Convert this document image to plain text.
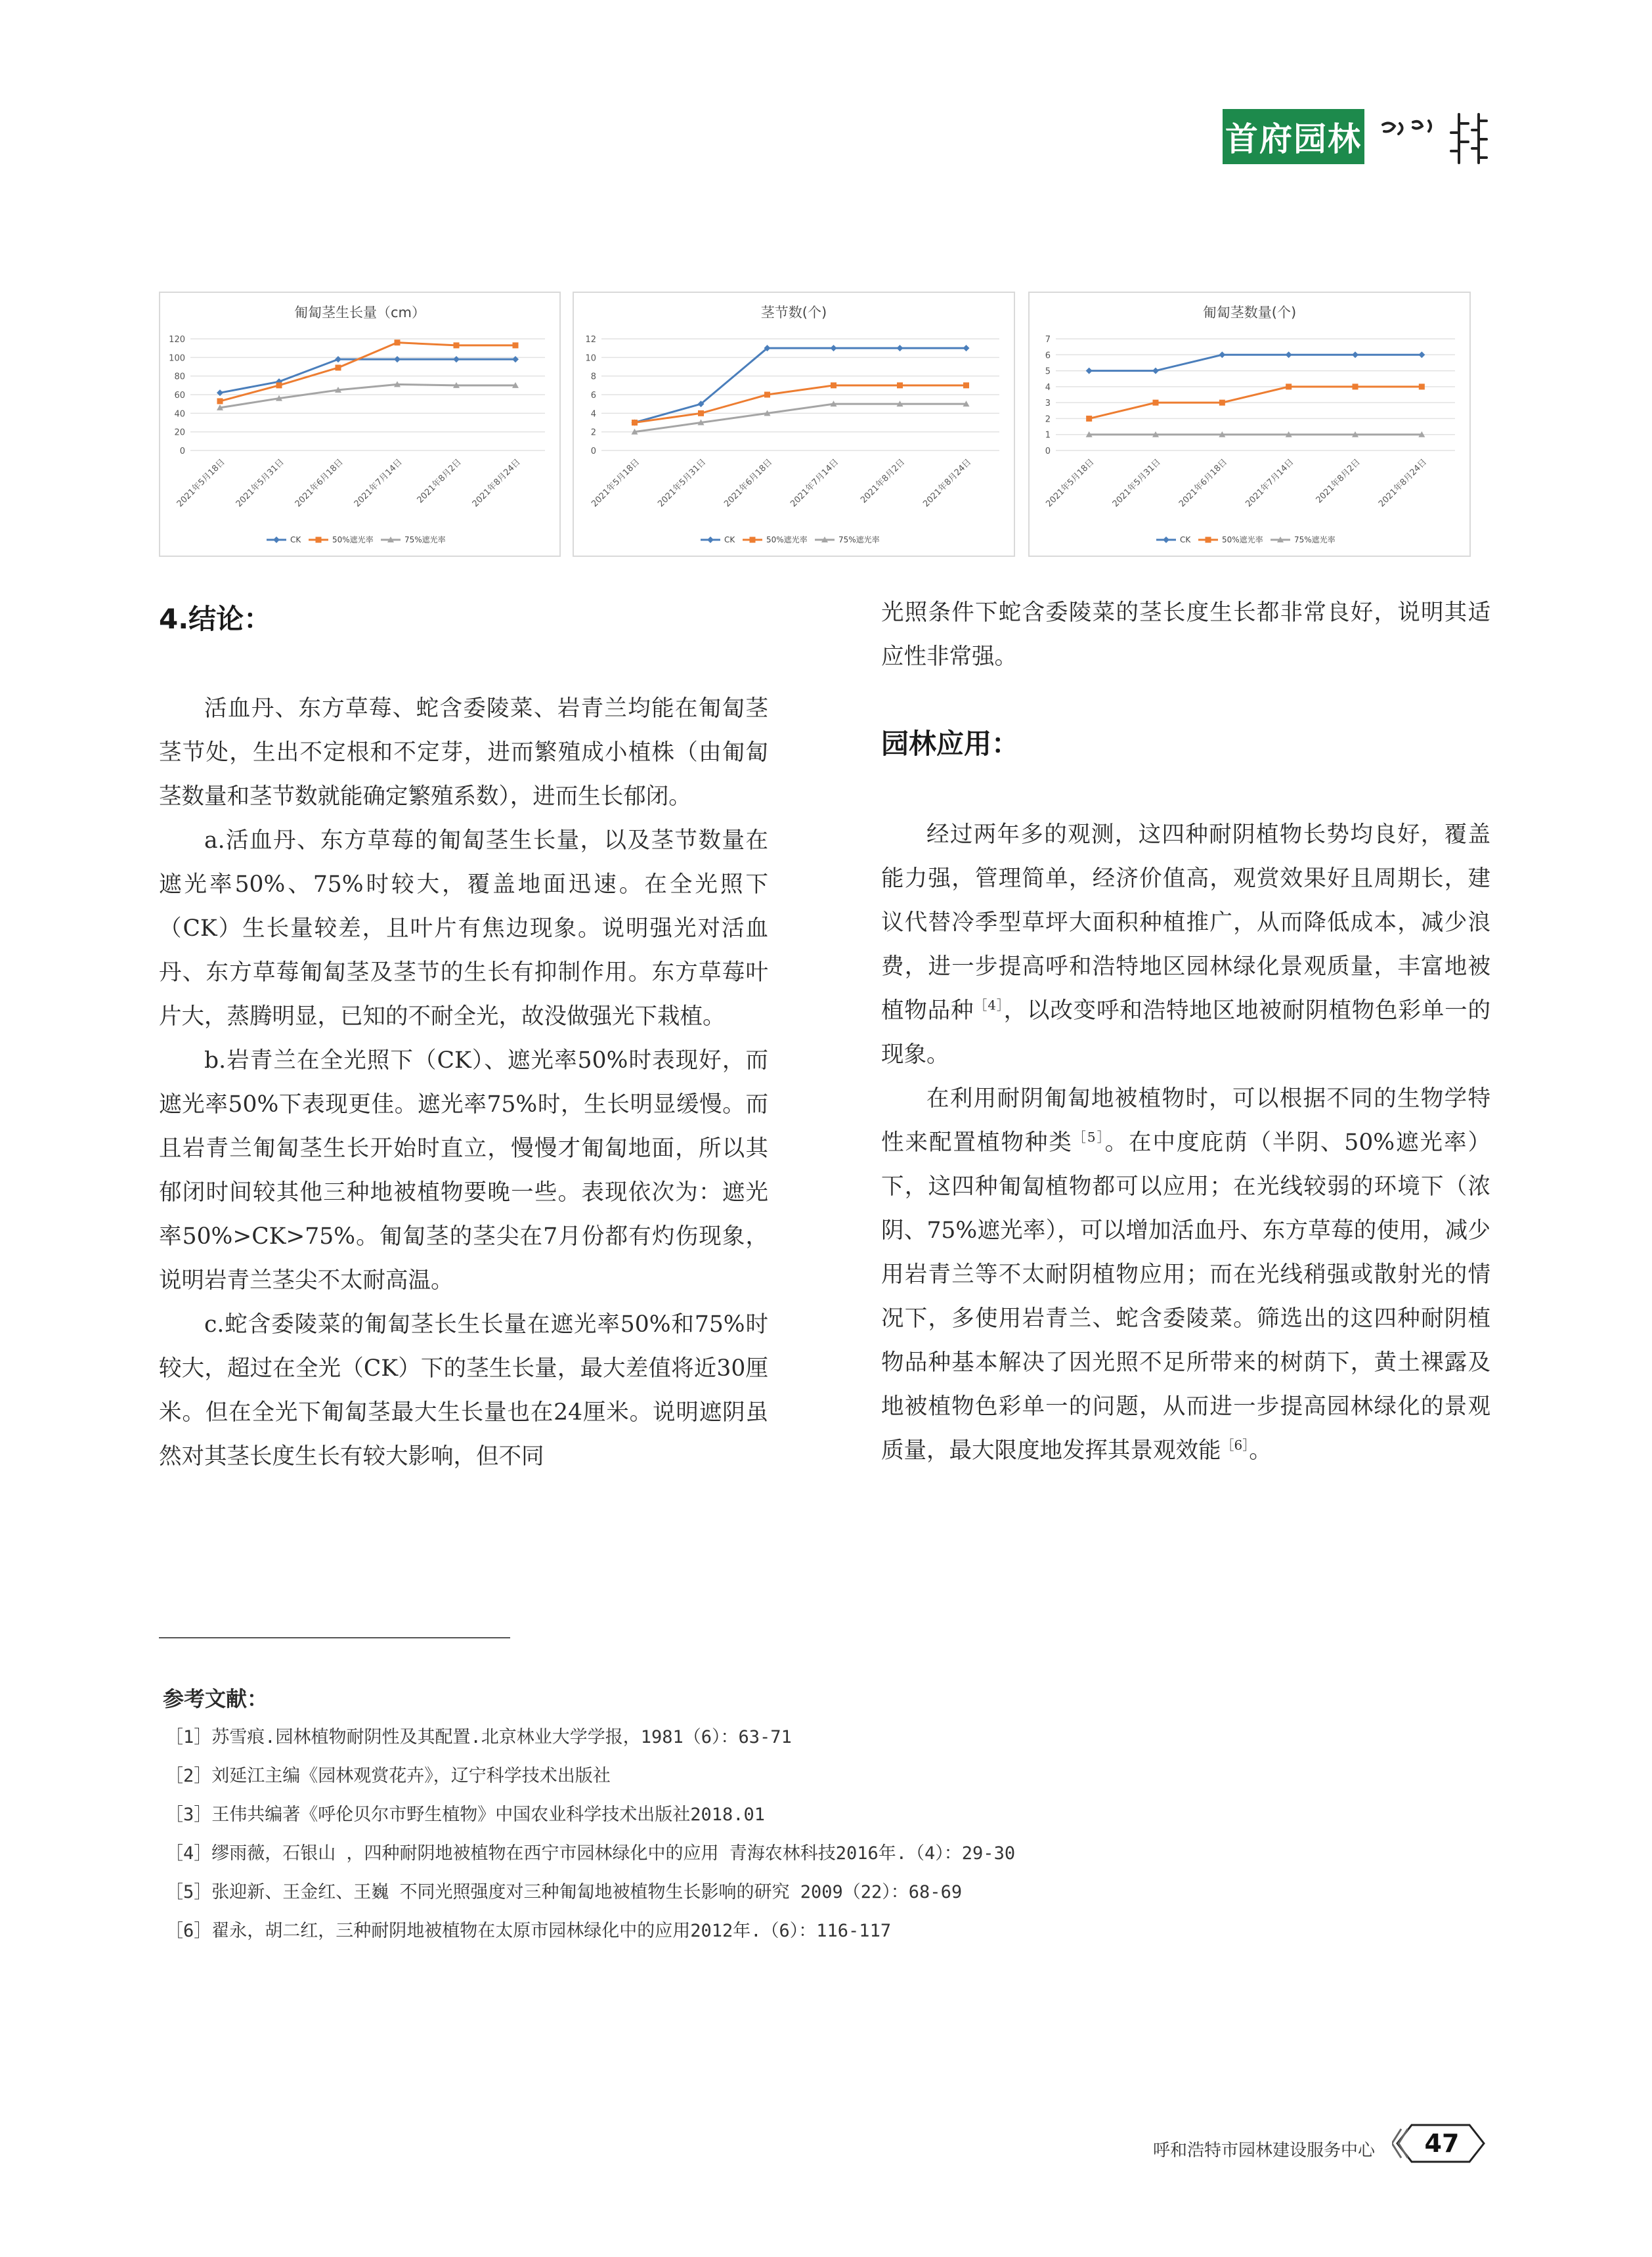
首府园林
匍匐茎生长量（cm）
0
20
40
60
80
100
120
2021年5月18日 2021年5月31日 2021年6月18日 2021年7月14日 2021年8月2日 2021年8月24日
CK	50%遮光率	75%遮光率
茎节数(个)
0
2
4
6
8
10
12
2021年5月18日 2021年5月31日 2021年6月18日 2021年7月14日 2021年8月2日 2021年8月24日
CK	50%遮光率	75%遮光率
匍匐茎数量(个)
0
1
2
3
4
5
6
7
2021年5月18日 2021年5月31日 2021年6月18日 2021年7月14日 2021年8月2日 2021年8月24日
CK	50%遮光率	75%遮光率
4.结论：

活血丹、东方草莓、蛇含委陵菜、岩青兰均能在匍匐茎茎节处，生出不定根和不定芽，进而繁殖成小植株（由匍匐茎数量和茎节数就能确定繁殖系数），进而生长郁闭。

a.活血丹、东方草莓的匍匐茎生长量，以及茎节数量在遮光率50%、75%时较大，覆盖地面迅速。在全光照下（CK）生长量较差，且叶片有焦边现象。说明强光对活血丹、东方草莓匍匐茎及茎节的生长有抑制作用。东方草莓叶片大，蒸腾明显，已知的不耐全光，故没做强光下栽植。

b.岩青兰在全光照下（CK）、遮光率50%时表现好，而遮光率50%下表现更佳。遮光率75%时，生长明显缓慢。而且岩青兰匍匐茎生长开始时直立，慢慢才匍匐地面，所以其郁闭时间较其他三种地被植物要晚一些。表现依次为：遮光率50%>CK>75%。匍匐茎的茎尖在7月份都有灼伤现象，说明岩青兰茎尖不太耐高温。

c.蛇含委陵菜的匍匐茎长生长量在遮光率50%和75%时较大，超过在全光（CK）下的茎生长量，最大差值将近30厘米。但在全光下匍匐茎最大生长量也在24厘米。说明遮阴虽然对其茎长度生长有较大影响，但不同

光照条件下蛇含委陵菜的茎长度生长都非常良好，说明其适应性非常强。

园林应用：

经过两年多的观测，这四种耐阴植物长势均良好，覆盖能力强，管理简单，经济价值高，观赏效果好且周期长，建议代替冷季型草坪大面积种植推广，从而降低成本，减少浪费，进一步提高呼和浩特地区园林绿化景观质量，丰富地被植物品种$^{[4]}$，以改变呼和浩特地区地被耐阴植物色彩单一的现象。

在利用耐阴匍匐地被植物时，可以根据不同的生物学特性来配置植物种类$^{[5]}$。在中度庇荫（半阴、50%遮光率）下，这四种匍匐植物都可以应用；在光线较弱的环境下（浓阴、75%遮光率），可以增加活血丹、东方草莓的使用，减少用岩青兰等不太耐阴植物应用；而在光线稍强或散射光的情况下，多使用岩青兰、蛇含委陵菜。筛选出的这四种耐阴植物品种基本解决了因光照不足所带来的树荫下，黄土裸露及地被植物色彩单一的问题，从而进一步提高园林绿化的景观质量，最大限度地发挥其景观效能$^{[6]}$。

参考文献：
［1］苏雪痕.园林植物耐阴性及其配置.北京林业大学学报，1981（6）：63-71
［2］刘延江主编《园林观赏花卉》，辽宁科学技术出版社
［3］王伟共编著《呼伦贝尔市野生植物》中国农业科学技术出版社2018.01
［4］缪雨薇，石银山 ，四种耐阴地被植物在西宁市园林绿化中的应用 青海农林科技2016年.（4）：29-30
［5］张迎新、王金红、王巍 不同光照强度对三种匍匐地被植物生长影响的研究 2009（22）：68-69
［6］翟永，胡二红，三种耐阴地被植物在太原市园林绿化中的应用2012年.（6）：116-117
呼和浩特市园林建设服务中心	47
